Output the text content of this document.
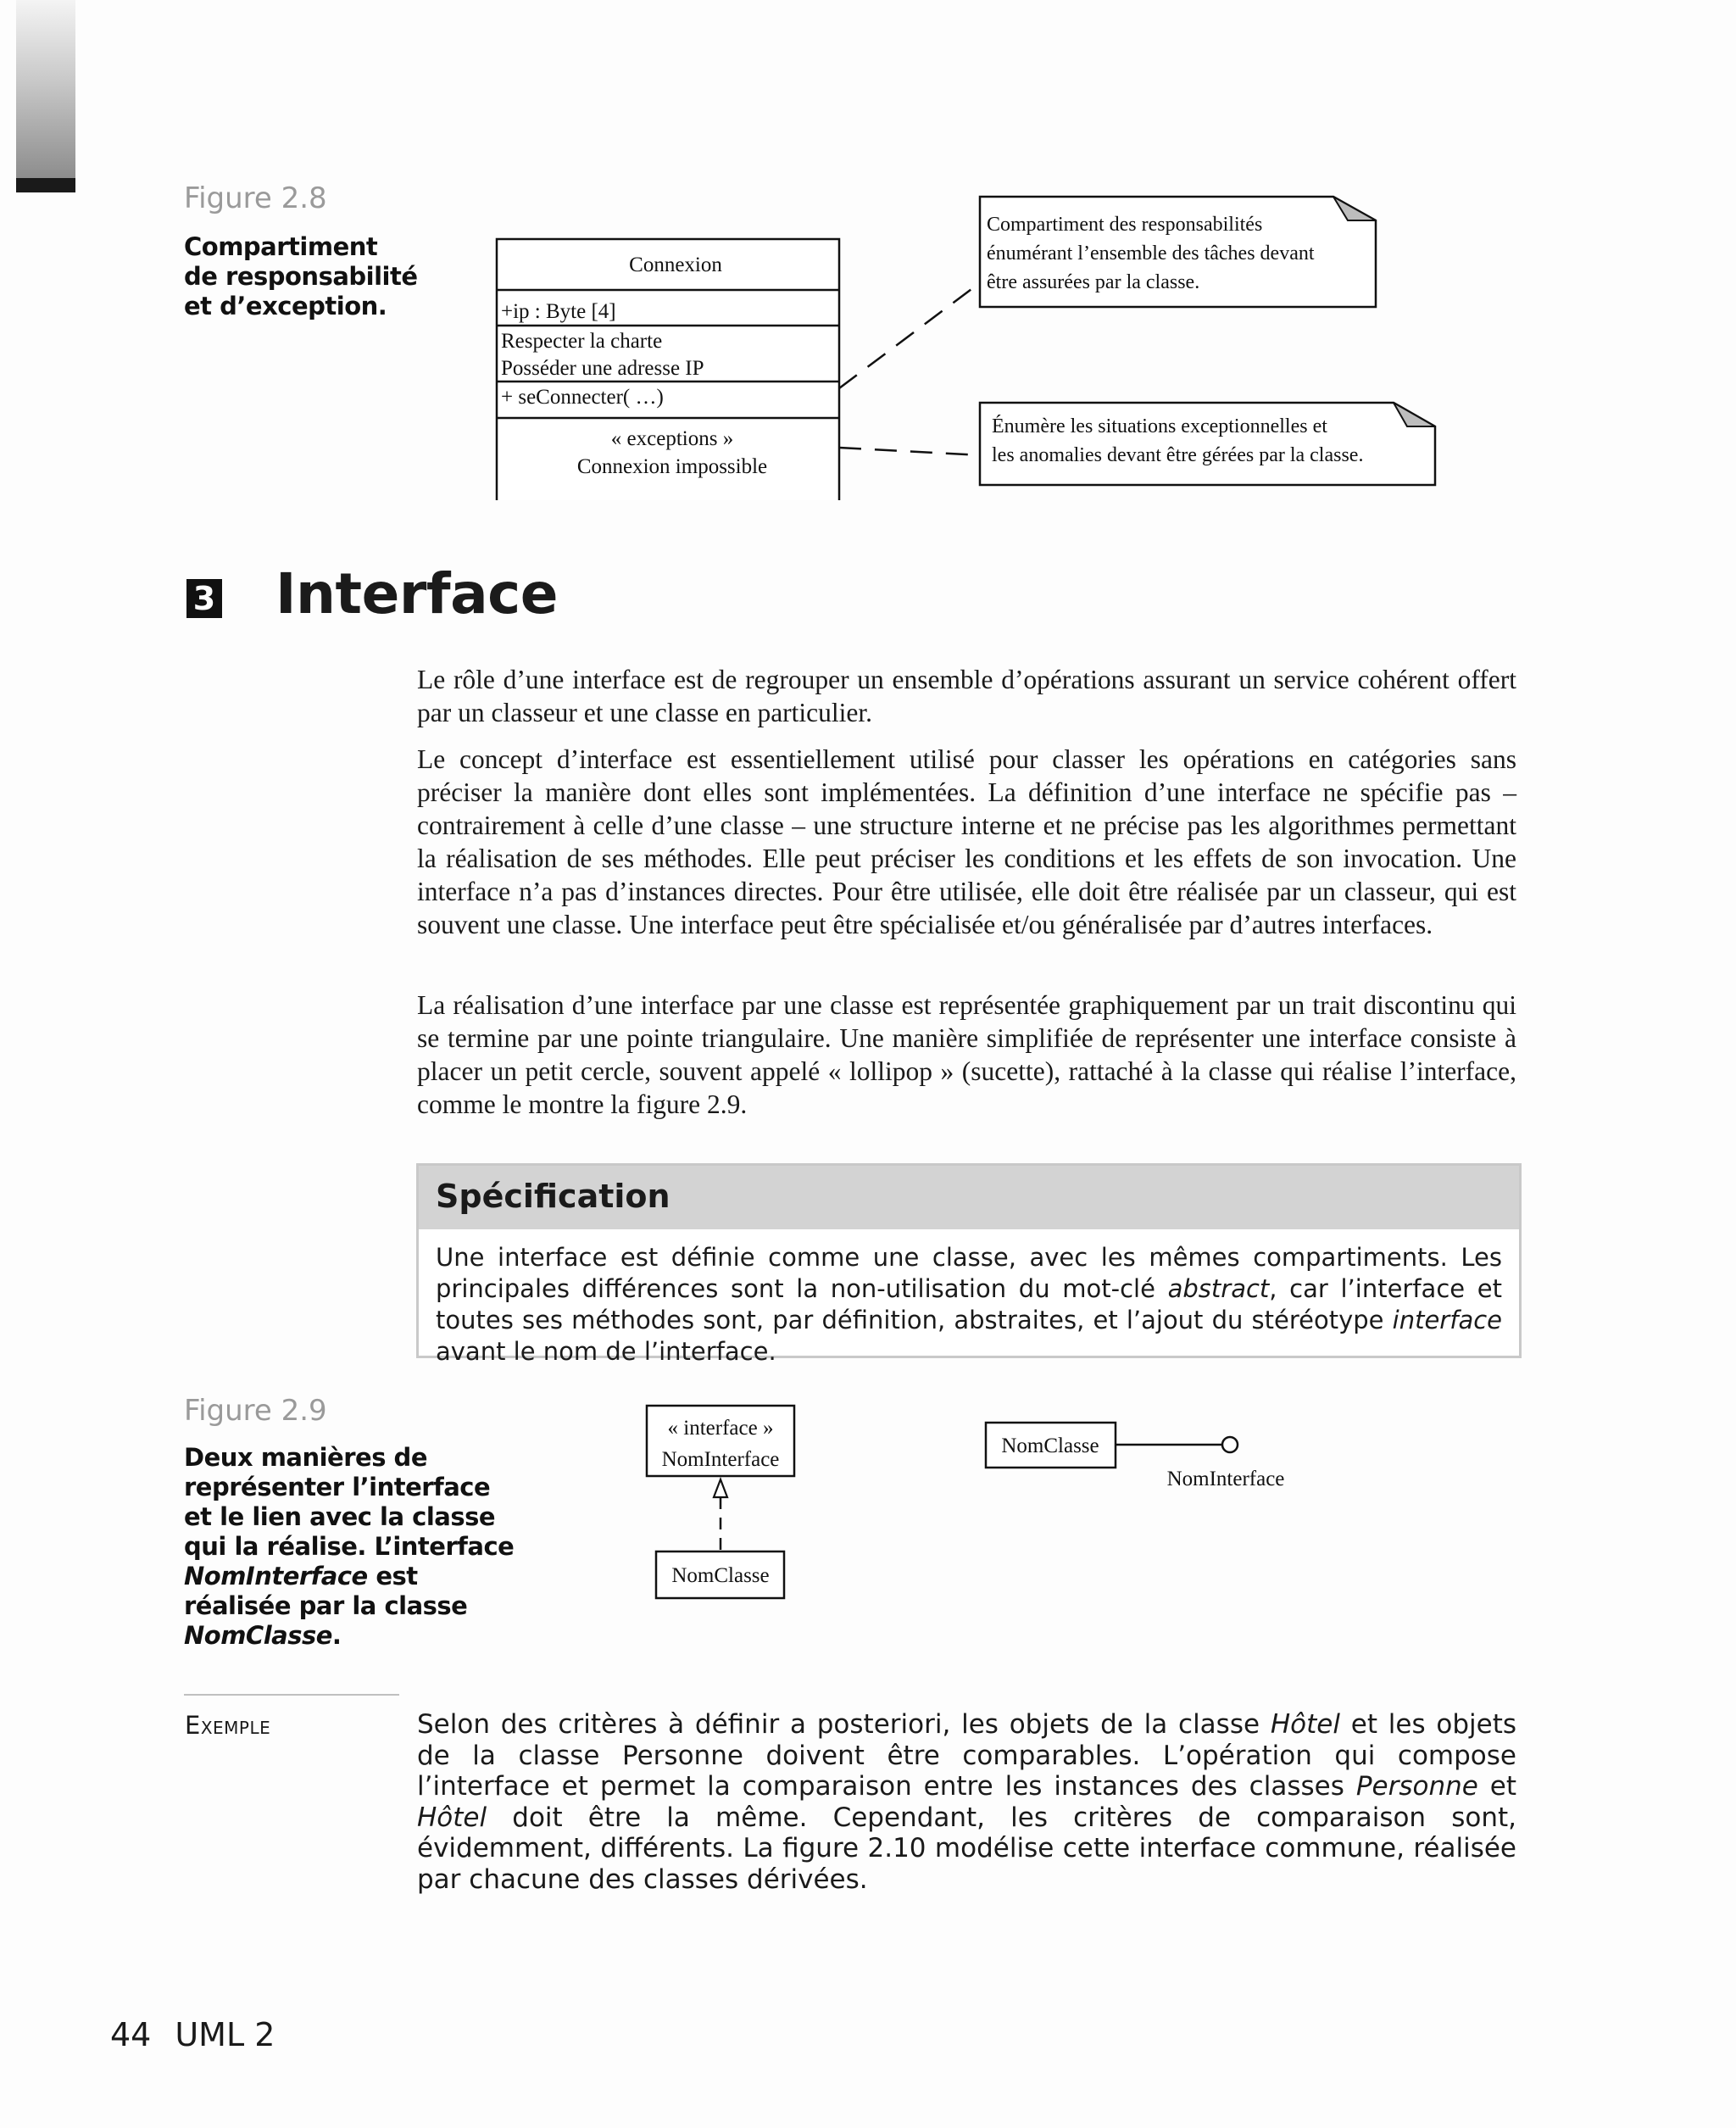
Figure 2.8
Compartiment
de responsabilité
et d’exception.
Connexion
+ip : Byte [4]
Respecter la charte
Posséder une adresse IP
+ seConnecter( …)
« exceptions »
Connexion impossible
Compartiment des responsabilités
énumérant l’ensemble des tâches devant
être assurées par la classe.
Énumère les situations exceptionnelles et
les anomalies devant être gérées par la classe.
3 Interface

Le rôle d’une interface est de regrouper un ensemble d’opérations assurant un service cohérent offert par un classeur et une classe en particulier.

Le concept d’interface est essentiellement utilisé pour classer les opérations en catégories sans préciser la manière dont elles sont implémentées. La définition d’une interface ne spécifie pas – contrairement à celle d’une classe – une structure interne et ne précise pas les algorithmes permettant la réalisation de ses méthodes. Elle peut préciser les conditions et les effets de son invocation. Une interface n’a pas d’instances directes. Pour être utilisée, elle doit être réalisée par un classeur, qui est souvent une classe. Une interface peut être spécialisée et/ou généralisée par d’autres interfaces.

La réalisation d’une interface par une classe est représentée graphiquement par un trait discontinu qui se termine par une pointe triangulaire. Une manière simplifiée de représenter une interface consiste à placer un petit cercle, souvent appelé « lollipop » (sucette), rattaché à la classe qui réalise l’interface, comme le montre la figure 2.9.

Spécification

Une interface est définie comme une classe, avec les mêmes compartiments. Les principales différences sont la non-utilisation du mot-clé abstract, car l’interface et toutes ses méthodes sont, par définition, abstraites, et l’ajout du stéréotype interface avant le nom de l’interface.

Figure 2.9
Deux manières de
représenter l’interface
et le lien avec la classe
qui la réalise. L’interface
NomInterface est
réalisée par la classe
NomClasse.
« interface »
NomInterface
NomClasse
NomClasse
NomInterface
Exemple	Selon des critères à définir a posteriori, les objets de la classe Hôtel et les objets de la classe Personne doivent être comparables. L’opération qui compose l’interface et permet la comparaison entre les instances des classes Personne et Hôtel doit être la même. Cependant, les critères de comparaison sont, évidemment, différents. La figure 2.10 modélise cette interface commune, réalisée par chacune des classes dérivées.

44 UML 2
